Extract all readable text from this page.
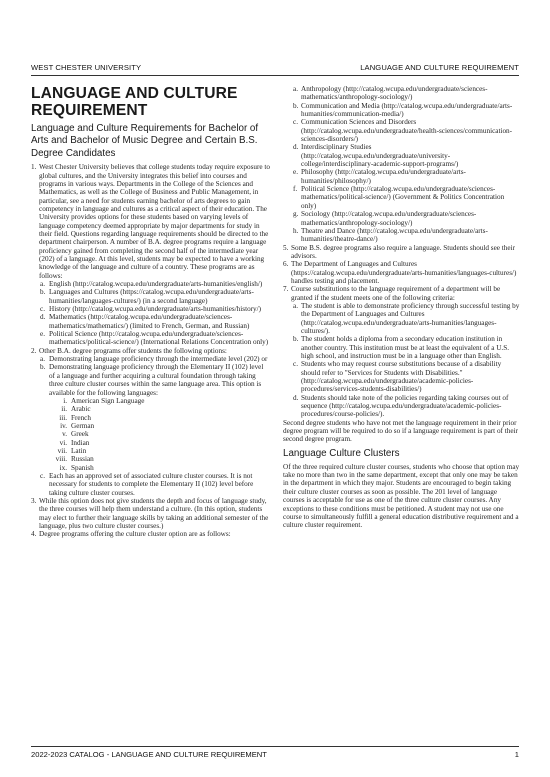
WEST CHESTER UNIVERSITY	LANGUAGE AND CULTURE REQUIREMENT
LANGUAGE AND CULTURE REQUIREMENT
Language and Culture Requirements for Bachelor of Arts and Bachelor of Music Degree and Certain B.S. Degree Candidates
1. West Chester University believes that college students today require exposure to global cultures, and the University integrates this belief into courses and programs in various ways. Departments in the College of the Sciences and Mathematics, as well as the College of Business and Public Management, in particular, see a need for students earning bachelor of arts degrees to gain competency in language and cultures as a critical aspect of their education. The University provides options for these students based on varying levels of language competency deemed appropriate by major departments for study in their field. Questions regarding language requirements should be directed to the department chairperson. A number of B.A. degree programs require a language proficiency gained from completing the second half of the intermediate year (202) of a language. At this level, students may be expected to have a working knowledge of the language and culture of a country. These programs are as follows:
a. English (http://catalog.wcupa.edu/undergraduate/arts-humanities/english/)
b. Languages and Cultures (https://catalog.wcupa.edu/undergraduate/arts-humanities/languages-cultures/) (in a second language)
c. History (http://catalog.wcupa.edu/undergraduate/arts-humanities/history/)
d. Mathematics (http://catalog.wcupa.edu/undergraduate/sciences-mathematics/mathematics/) (limited to French, German, and Russian)
e. Political Science (http://catalog.wcupa.edu/undergraduate/sciences-mathematics/political-science/) (International Relations Concentration only)
2. Other B.A. degree programs offer students the following options:
a. Demonstrating language proficiency through the intermediate level (202) or
b. Demonstrating language proficiency through the Elementary II (102) level of a language and further acquiring a cultural foundation through taking three culture cluster courses within the same language area. This option is available for the following languages:
i. American Sign Language
ii. Arabic
iii. French
iv. German
v. Greek
vi. Indian
vii. Latin
viii. Russian
ix. Spanish
c. Each has an approved set of associated culture cluster courses. It is not necessary for students to complete the Elementary II (102) level before taking culture cluster courses.
3. While this option does not give students the depth and focus of language study, the three courses will help them understand a culture. (In this option, students may elect to further their language skills by taking an additional semester of the language, plus two culture cluster courses.)
4. Degree programs offering the culture cluster option are as follows:
a. Anthropology (http://catalog.wcupa.edu/undergraduate/sciences-mathematics/anthropology-sociology/)
b. Communication and Media (http://catalog.wcupa.edu/undergraduate/arts-humanities/communication-media/)
c. Communication Sciences and Disorders (http://catalog.wcupa.edu/undergraduate/health-sciences/communication-sciences-disorders/)
d. Interdisciplinary Studies (http://catalog.wcupa.edu/undergraduate/university-college/interdisciplinary-academic-support-programs/)
e. Philosophy (http://catalog.wcupa.edu/undergraduate/arts-humanities/philosophy/)
f. Political Science (http://catalog.wcupa.edu/undergraduate/sciences-mathematics/political-science/) (Government & Politics Concentration only)
g. Sociology (http://catalog.wcupa.edu/undergraduate/sciences-mathematics/anthropology-sociology/)
h. Theatre and Dance (http://catalog.wcupa.edu/undergraduate/arts-humanities/theatre-dance/)
5. Some B.S. degree programs also require a language. Students should see their advisors.
6. The Department of Languages and Cultures (https://catalog.wcupa.edu/undergraduate/arts-humanities/languages-cultures/) handles testing and placement.
7. Course substitutions to the language requirement of a department will be granted if the student meets one of the following criteria:
a. The student is able to demonstrate proficiency through successful testing by the Department of Languages and Cultures (http://catalog.wcupa.edu/undergraduate/arts-humanities/languages-cultures/).
b. The student holds a diploma from a secondary education institution in another country. This institution must be at least the equivalent of a U.S. high school, and instruction must be in a language other than English.
c. Students who may request course substitutions because of a disability should refer to "Services for Students with Disabilities." (http://catalog.wcupa.edu/undergraduate/academic-policies-procedures/services-students-disabilities/)
d. Students should take note of the policies regarding taking courses out of sequence (http://catalog.wcupa.edu/undergraduate/academic-policies-procedures/course-policies/).

Second degree students who have not met the language requirement in their prior degree program will be required to do so if a language requirement is part of their second degree program.

Language Culture Clusters

Of the three required culture cluster courses, students who choose that option may take no more than two in the same department, except that only one may be taken in the department in which they major. Students are encouraged to begin taking their culture cluster courses as soon as possible. The 201 level of language courses is acceptable for use as one of the three culture cluster courses. Any exceptions to these conditions must be petitioned. A student may not use one course to simultaneously fulfill a general education distributive requirement and a culture cluster requirement.

2022-2023 CATALOG - LANGUAGE AND CULTURE REQUIREMENT	1
